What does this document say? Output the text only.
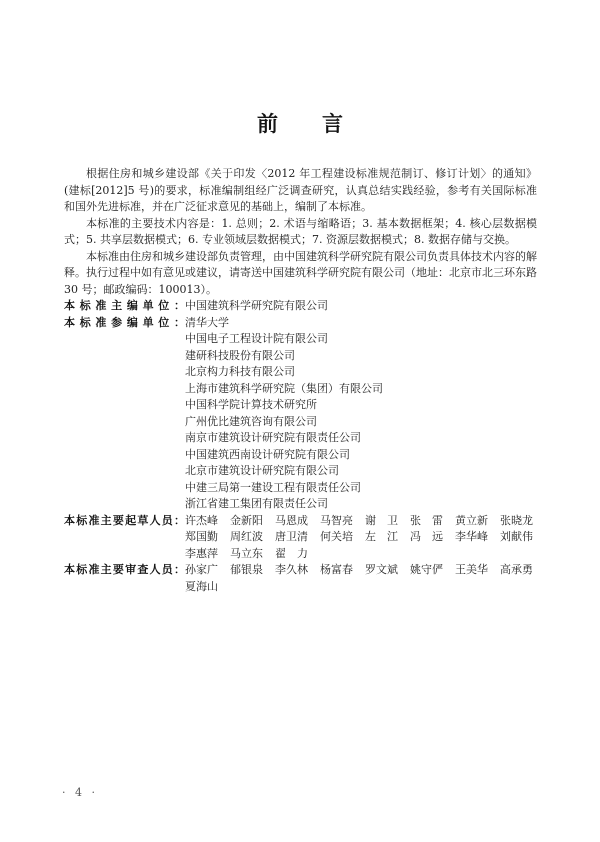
前言

根据住房和城乡建设部《关于印发〈2012 年工程建设标准规范制订、修订计划〉的通知》(建标[2012]5 号)的要求，标准编制组经广泛调查研究，认真总结实践经验，参考有关国际标准和国外先进标准，并在广泛征求意见的基础上，编制了本标准。

本标准的主要技术内容是：1. 总则；2. 术语与缩略语；3. 基本数据框架；4. 核心层数据模式；5. 共享层数据模式；6. 专业领域层数据模式；7. 资源层数据模式；8. 数据存储与交换。

本标准由住房和城乡建设部负责管理，由中国建筑科学研究院有限公司负责具体技术内容的解释。执行过程中如有意见或建议，请寄送中国建筑科学研究院有限公司（地址：北京市北三环东路 30 号；邮政编码：100013）。

本标准主编单位： 中国建筑科学研究院有限公司
本标准参编单位： 清华大学
中国电子工程设计院有限公司
建研科技股份有限公司
北京构力科技有限公司
上海市建筑科学研究院（集团）有限公司
中国科学院计算技术研究所
广州优比建筑咨询有限公司
南京市建筑设计研究院有限责任公司
中国建筑西南设计研究院有限公司
北京市建筑设计研究院有限公司
中建三局第一建设工程有限责任公司
浙江省建工集团有限责任公司
本标准主要起草人员： 许杰峰 金新阳 马恩成 马智亮 谢　卫 张　雷 黄立新 张晓龙
郑国勤 周红波 唐卫清 何关培 左　江 冯　远 李华峰 刘献伟
李惠萍 马立东 翟　力
本标准主要审查人员： 孙家广 郁银泉 李久林 杨富春 罗文斌 姚守俨 王美华 高承勇
夏海山
· 4 ·
